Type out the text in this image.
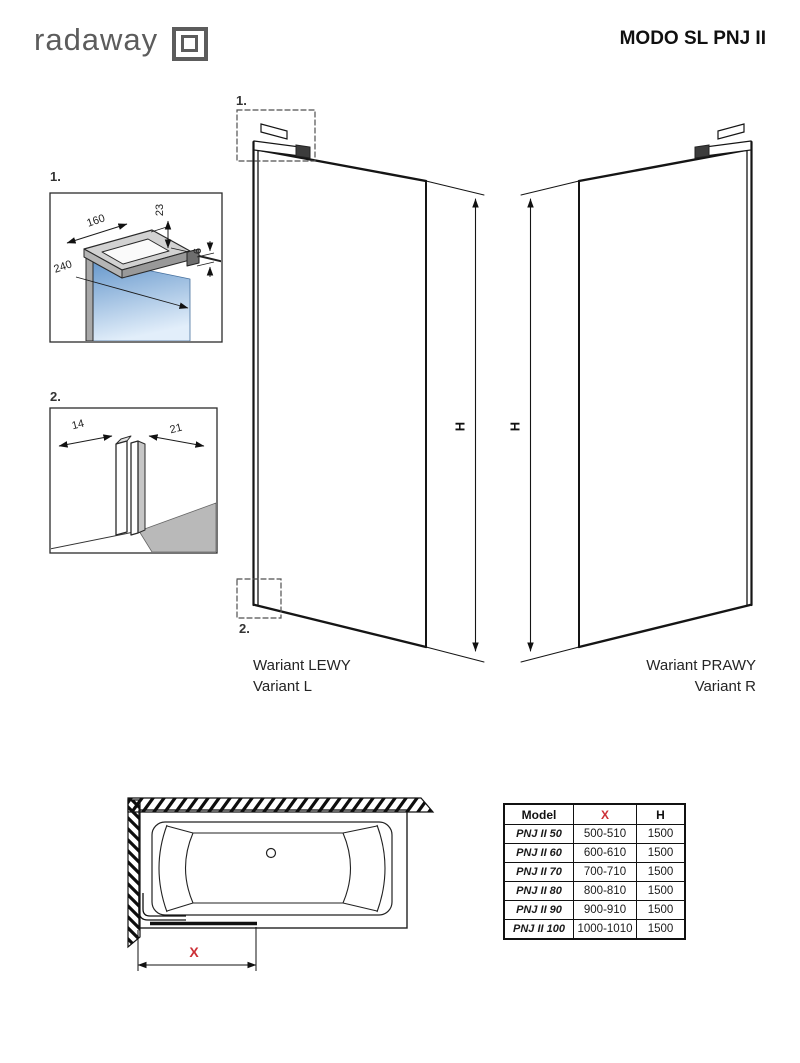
radaway	MODO SL PNJ II
1.
160
23
240
6
2.
14	21
1.
2.
H	H
Wariant LEWY
Variant L
Wariant PRAWY
Variant R
X
Model	X	H
PNJ II 50	500-510	1500
PNJ II 60	600-610	1500
PNJ II 70	700-710	1500
PNJ II 80	800-810	1500
PNJ II 90	900-910	1500
PNJ II 100	1000-1010	1500
